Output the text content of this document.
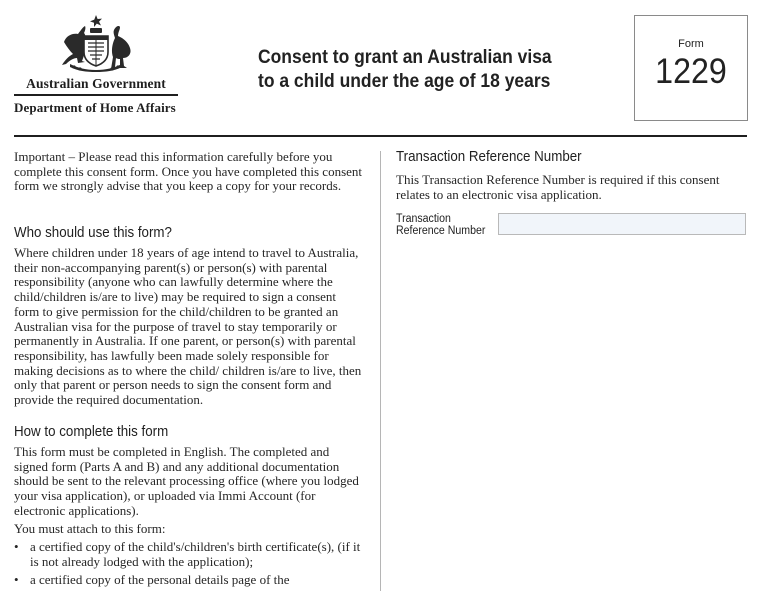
Australian Government
Department of Home Affairs
Consent to grant an Australian visa
to a child under the age of 18 years
Form
1229

Important – Please read this information carefully before you complete this consent form. Once you have completed this consent form we strongly advise that you keep a copy for your records.

Who should use this form?

Where children under 18 years of age intend to travel to Australia, their non-accompanying parent(s) or person(s) with parental responsibility (anyone who can lawfully determine where the child/children is/are to live) may be required to sign a consent form to give permission for the child/children to be granted an Australian visa for the purpose of travel to stay temporarily or permanently in Australia. If one parent, or person(s) with parental responsibility, has lawfully been made solely responsible for making decisions as to where the child/ children is/are to live, then only that parent or person needs to sign the consent form and provide the required documentation.

How to complete this form

This form must be completed in English. The completed and signed form (Parts A and B) and any additional documentation should be sent to the relevant processing office (where you lodged your visa application), or uploaded via Immi Account (for electronic applications).

You must attach to this form:

• a certified copy of the child's/children's birth certificate(s), (if it is not already lodged with the application);
• a certified copy of the personal details page of the
Transaction Reference Number

This Transaction Reference Number is required if this consent relates to an electronic visa application.

Transaction
Reference Number
